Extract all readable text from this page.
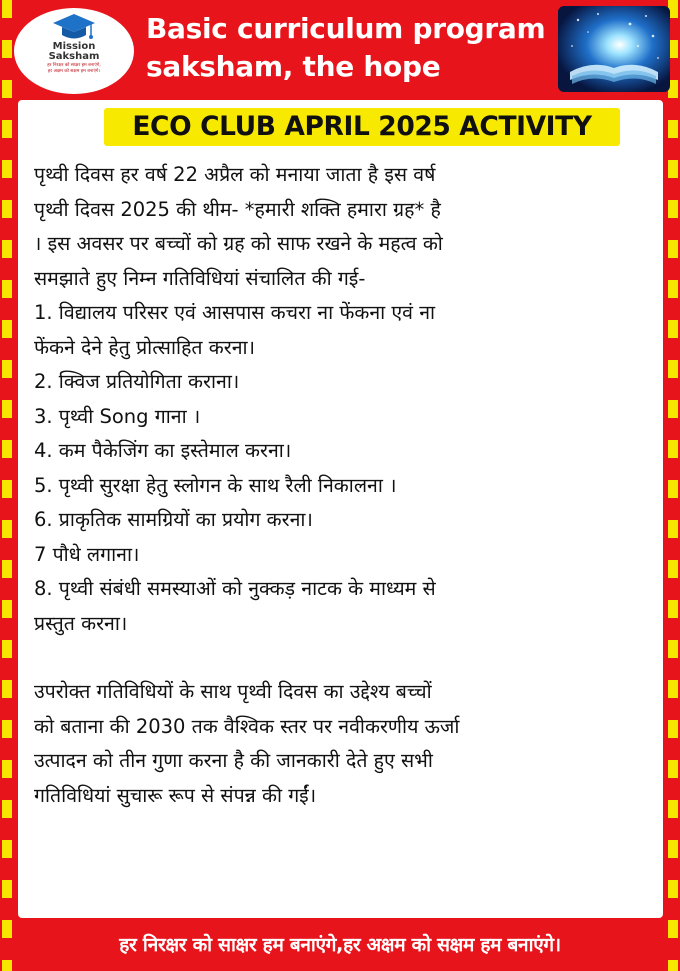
Mission
Saksham
हर निरक्षर को साक्षर हम बनाएंगे,
हर अक्षम को सक्षम हम बनाएंगे।
Basic curriculum program
saksham, the hope
ECO CLUB APRIL 2025 ACTIVITY

पृथ्वी दिवस हर वर्ष 22 अप्रैल को मनाया जाता है इस वर्ष

पृथ्वी दिवस 2025 की थीम- *हमारी शक्ति हमारा ग्रह* है

। इस अवसर पर बच्चों को ग्रह को साफ रखने के महत्व को

समझाते हुए निम्न गतिविधियां संचालित की गई-

1. विद्यालय परिसर एवं आसपास कचरा ना फेंकना एवं ना
फेंकने देने हेतु प्रोत्साहित करना।
2. क्विज प्रतियोगिता कराना।
3. पृथ्वी Song गाना ।
4. कम पैकेजिंग का इस्तेमाल करना।
5. पृथ्वी सुरक्षा हेतु स्लोगन के साथ रैली निकालना ।
6. प्राकृतिक सामग्रियों का प्रयोग करना।
7 पौधे लगाना।
8. पृथ्वी संबंधी समस्याओं को नुक्कड़ नाटक के माध्यम से
प्रस्तुत करना।

उपरोक्त गतिविधियों के साथ पृथ्वी दिवस का उद्देश्य बच्चों

को बताना की 2030 तक वैश्विक स्तर पर नवीकरणीय ऊर्जा

उत्पादन को तीन गुणा करना है की जानकारी देते हुए सभी

गतिविधियां सुचारू रूप से संपन्न की गईं।

हर निरक्षर को साक्षर हम बनाएंगे,हर अक्षम को सक्षम हम बनाएंगे।
